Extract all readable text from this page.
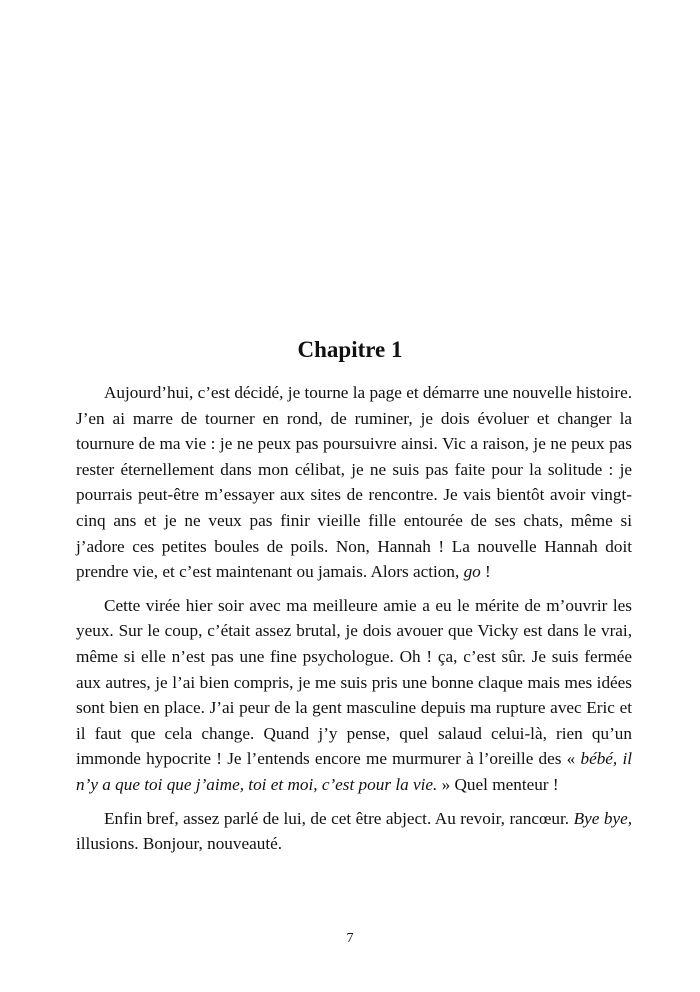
Chapitre 1

Aujourd’hui, c’est décidé, je tourne la page et démarre une nouvelle histoire. J’en ai marre de tourner en rond, de ruminer, je dois évoluer et changer la tournure de ma vie : je ne peux pas poursuivre ainsi. Vic a raison, je ne peux pas rester éternellement dans mon célibat, je ne suis pas faite pour la solitude : je pourrais peut-être m’essayer aux sites de rencontre. Je vais bientôt avoir vingt-cinq ans et je ne veux pas finir vieille fille entourée de ses chats, même si j’adore ces petites boules de poils. Non, Hannah ! La nouvelle Hannah doit prendre vie, et c’est maintenant ou jamais. Alors action, go !

Cette virée hier soir avec ma meilleure amie a eu le mérite de m’ouvrir les yeux. Sur le coup, c’était assez brutal, je dois avouer que Vicky est dans le vrai, même si elle n’est pas une fine psychologue. Oh ! ça, c’est sûr. Je suis fermée aux autres, je l’ai bien compris, je me suis pris une bonne claque mais mes idées sont bien en place. J’ai peur de la gent masculine depuis ma rupture avec Eric et il faut que cela change. Quand j’y pense, quel salaud celui-là, rien qu’un immonde hypocrite ! Je l’entends encore me murmurer à l’oreille des « bébé, il n’y a que toi que j’aime, toi et moi, c’est pour la vie. » Quel menteur !

Enfin bref, assez parlé de lui, de cet être abject. Au revoir, rancœur. Bye bye, illusions. Bonjour, nouveauté.

7
